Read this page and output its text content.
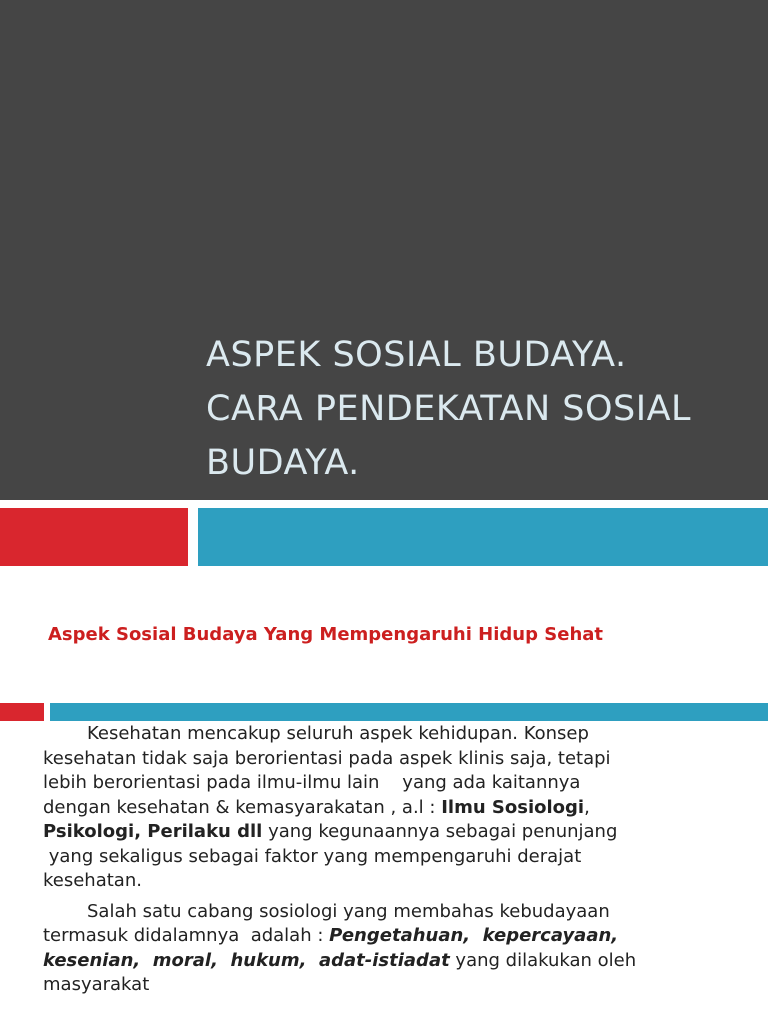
ASPEK SOSIAL BUDAYA.
CARA PENDEKATAN SOSIAL
BUDAYA.
Aspek Sosial Budaya Yang Mempengaruhi Hidup Sehat
Kesehatan mencakup seluruh aspek kehidupan. Konsep
kesehatan tidak saja berorientasi pada aspek klinis saja, tetapi
lebih berorientasi pada ilmu-ilmu lain    yang ada kaitannya
dengan kesehatan & kemasyarakatan , a.l : Ilmu Sosiologi,
Psikologi, Perilaku dll yang kegunaannya sebagai penunjang
yang sekaligus sebagai faktor yang mempengaruhi derajat
kesehatan.
Salah satu cabang sosiologi yang membahas kebudayaan
termasuk didalamnya  adalah : Pengetahuan,  kepercayaan,
kesenian,  moral,  hukum,  adat-istiadat yang dilakukan oleh
masyarakat
